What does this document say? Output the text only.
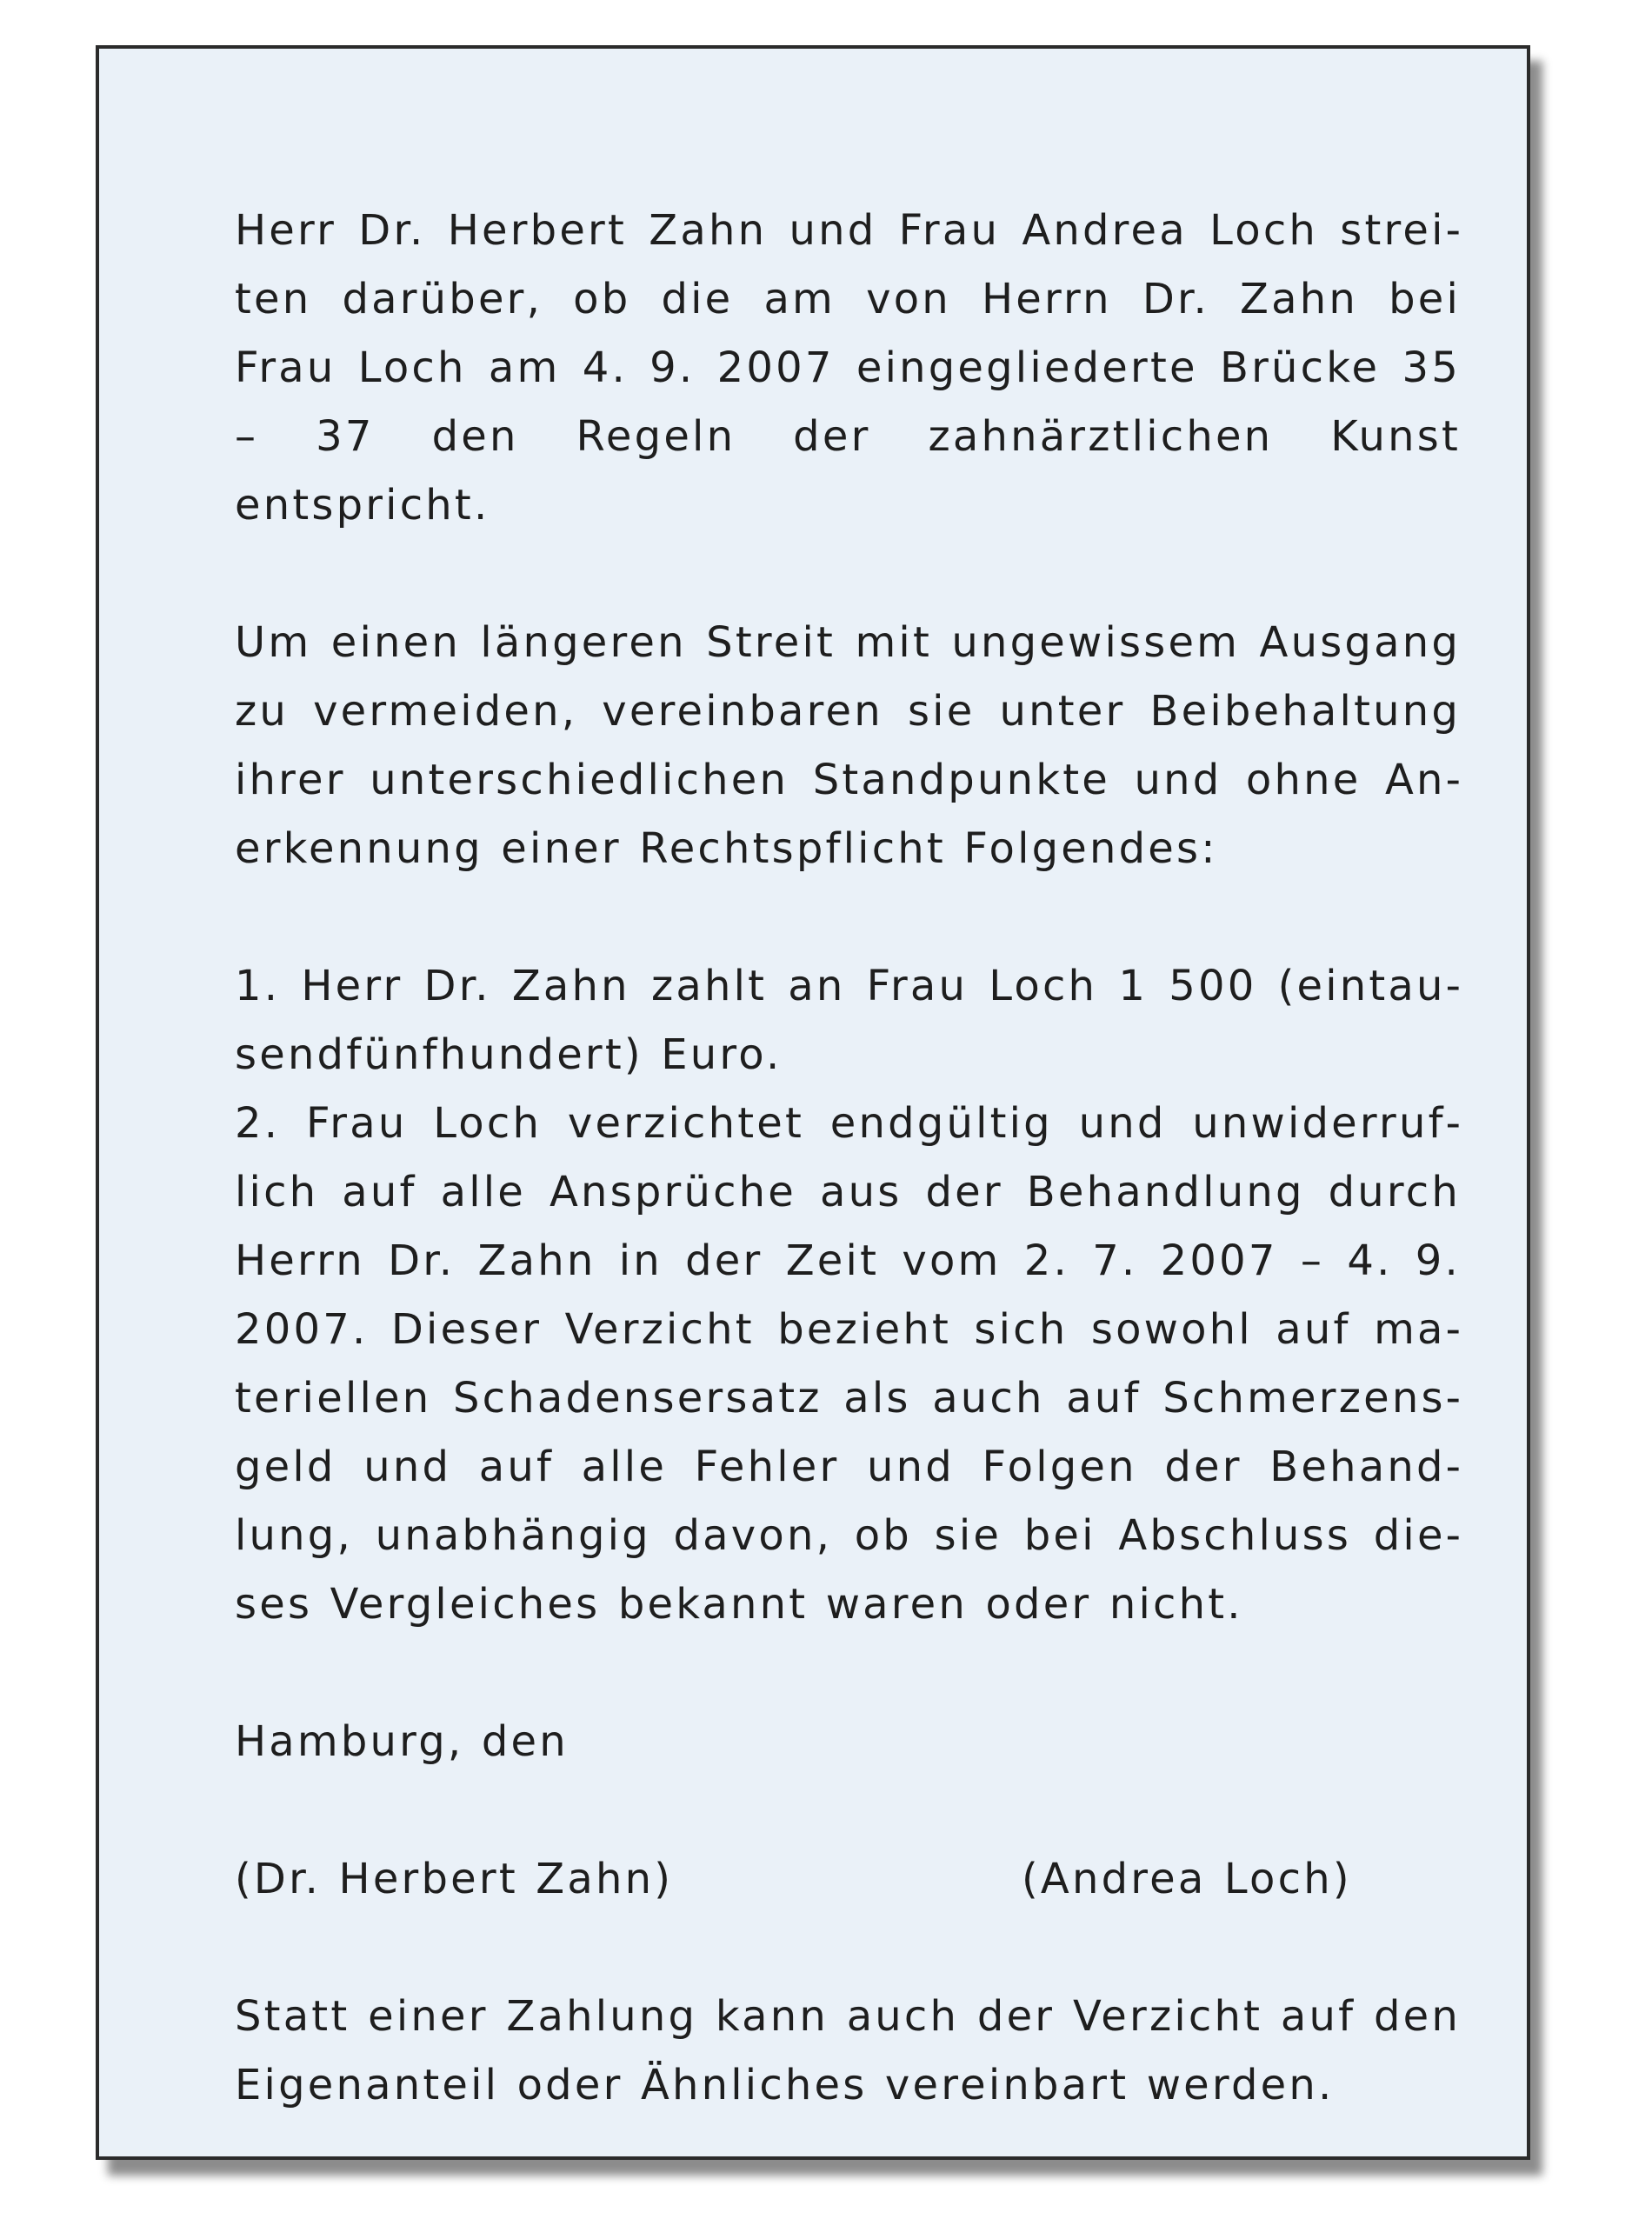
Herr Dr. Herbert Zahn und Frau Andrea Loch streiten darüber, ob die am von Herrn Dr. Zahn bei Frau Loch am 4. 9. 2007 eingegliederte Brücke 35 – 37 den Regeln der zahnärztlichen Kunst entspricht.

Um einen längeren Streit mit ungewissem Ausgang zu vermeiden, vereinbaren sie unter Beibehaltung ihrer unterschiedlichen Standpunkte und ohne Anerkennung einer Rechtspflicht Folgendes:

1. Herr Dr. Zahn zahlt an Frau Loch 1 500 (eintausendfünfhundert) Euro.

2. Frau Loch verzichtet endgültig und unwiderruflich auf alle Ansprüche aus der Behandlung durch Herrn Dr. Zahn in der Zeit vom 2. 7. 2007 – 4. 9. 2007. Dieser Verzicht bezieht sich sowohl auf materiellen Schadensersatz als auch auf Schmerzensgeld und auf alle Fehler und Folgen der Behandlung, unabhängig davon, ob sie bei Abschluss dieses Vergleiches bekannt waren oder nicht.

Hamburg, den

(Dr. Herbert Zahn)	(Andrea Loch)

Statt einer Zahlung kann auch der Verzicht auf den Eigenanteil oder Ähnliches vereinbart werden.
